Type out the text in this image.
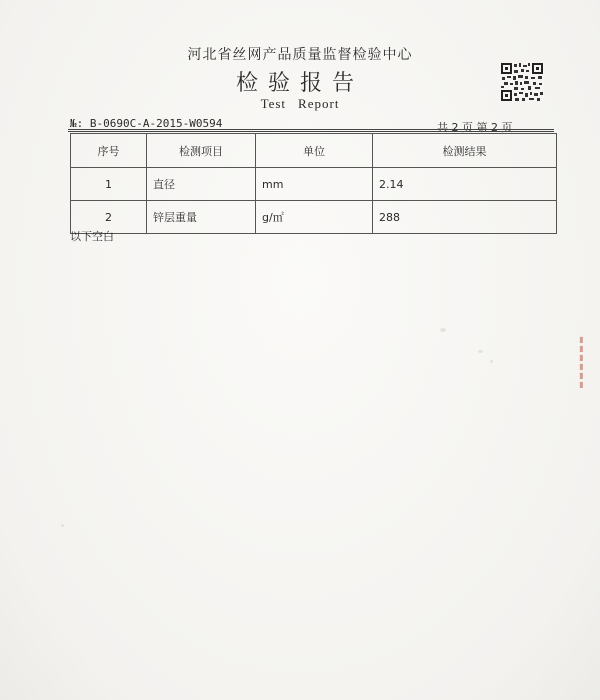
河北省丝网产品质量监督检验中心
检验报告
Test Report
№: B-0690C-A-2015-W0594	共 2 页 第 2 页
序号	检测项目	单位	检测结果
1	直径	mm	2.14
2	锌层重量	g/㎡	288
以下空白
▮▮▮▮▮▮
